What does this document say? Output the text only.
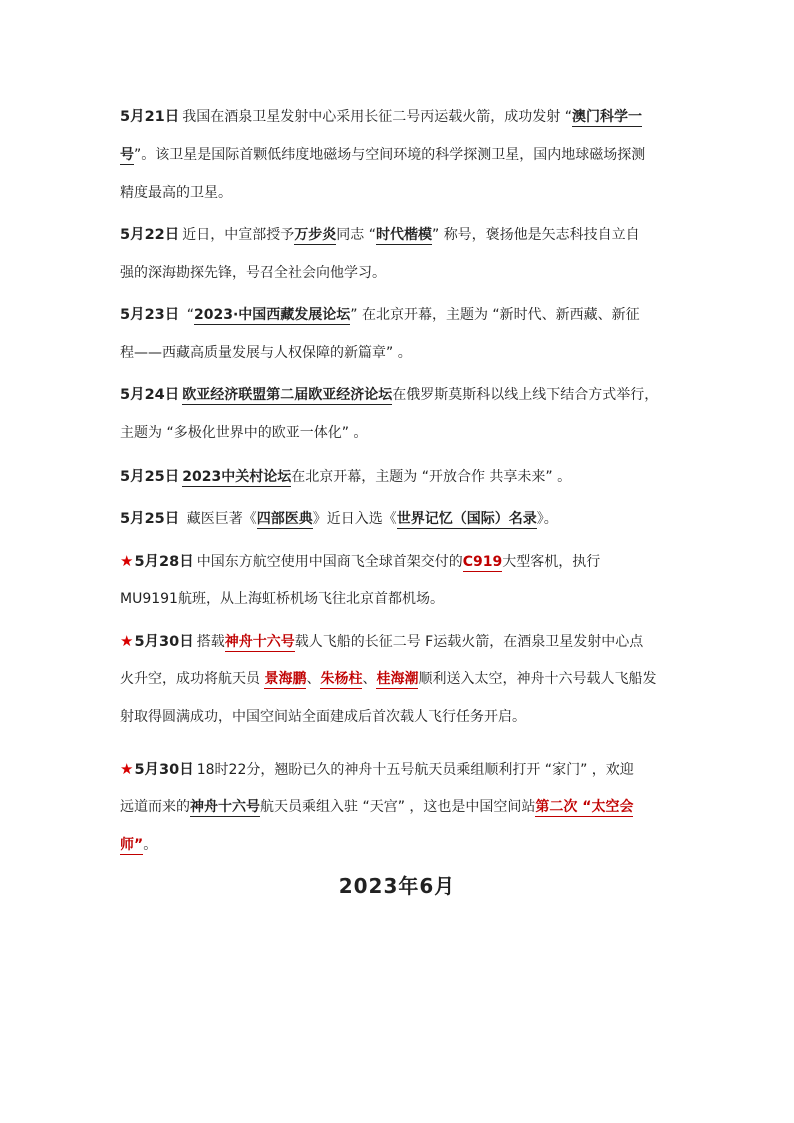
5月21日 我国在酒泉卫星发射中心采用长征二号丙运载火箭，成功发射 “澳门科学一
号”。该卫星是国际首颗低纬度地磁场与空间环境的科学探测卫星，国内地球磁场探测
精度最高的卫星。
5月22日 近日，中宣部授予万步炎同志 “时代楷模” 称号，褒扬他是矢志科技自立自
强的深海勘探先锋，号召全社会向他学习。
5月23日 “2023·中国西藏发展论坛” 在北京开幕，主题为 “新时代、新西藏、新征
程——西藏高质量发展与人权保障的新篇章” 。
5月24日 欧亚经济联盟第二届欧亚经济论坛在俄罗斯莫斯科以线上线下结合方式举行，
主题为 “多极化世界中的欧亚一体化” 。
5月25日 2023中关村论坛在北京开幕，主题为 “开放合作 共享未来” 。
5月25日 藏医巨著《四部医典》近日入选《世界记忆（国际）名录》。
★5月28日 中国东方航空使用中国商飞全球首架交付的C919大型客机，执行
MU9191航班，从上海虹桥机场飞往北京首都机场。
★5月30日 搭载神舟十六号载人飞船的长征二号 F运载火箭，在酒泉卫星发射中心点
火升空，成功将航天员 景海鹏、朱杨柱、桂海潮顺利送入太空，神舟十六号载人飞船发
射取得圆满成功，中国空间站全面建成后首次载人飞行任务开启。
★5月30日 18时22分，翘盼已久的神舟十五号航天员乘组顺利打开 “家门” ，欢迎
远道而来的神舟十六号航天员乘组入驻 “天宫” ，这也是中国空间站第二次 “太空会
师”。
2023年6月
